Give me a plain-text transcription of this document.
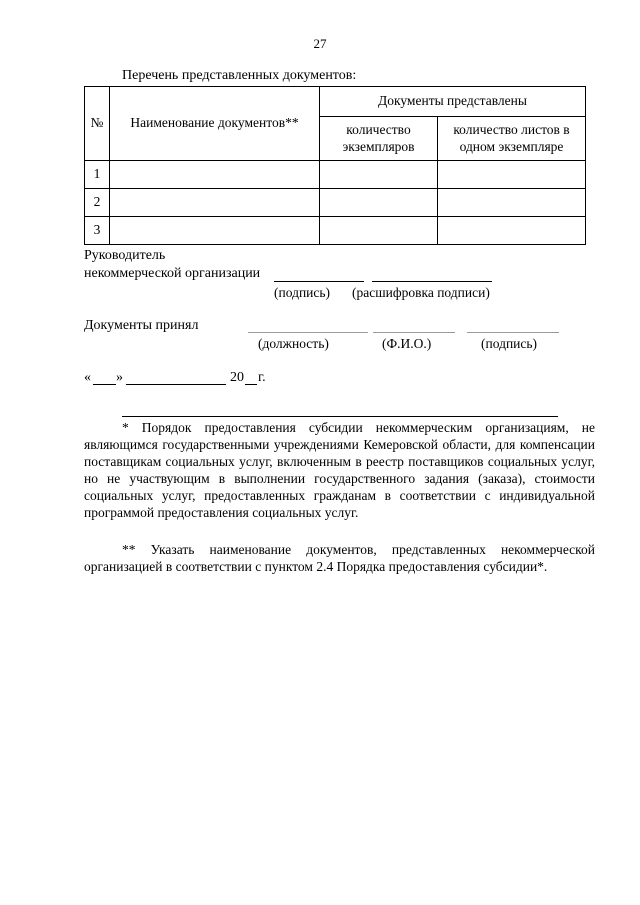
27
Перечень представленных документов:
№	Наименование документов**	Документы представлены	
		количество экземпляров	количество листов в одном экземпляре
1			
2			
3			
Руководитель
некоммерческой организации
(подпись) (расшифровка подписи)
Документы принял
(должность)	(Ф.И.О.)	(подпись)
« »	20 г.

* Порядок предоставления субсидии некоммерческим организациям, не являющимся государственными учреждениями Кемеровской области, для компенсации поставщикам социальных услуг, включенным в реестр поставщиков социальных услуг, но не участвующим в выполнении государственного задания (заказа), стоимости социальных услуг, предоставленных гражданам в соответствии с индивидуальной программой предоставления социальных услуг.

** Указать наименование документов, представленных некоммерческой организацией в соответствии с пунктом 2.4 Порядка предоставления субсидии*.
